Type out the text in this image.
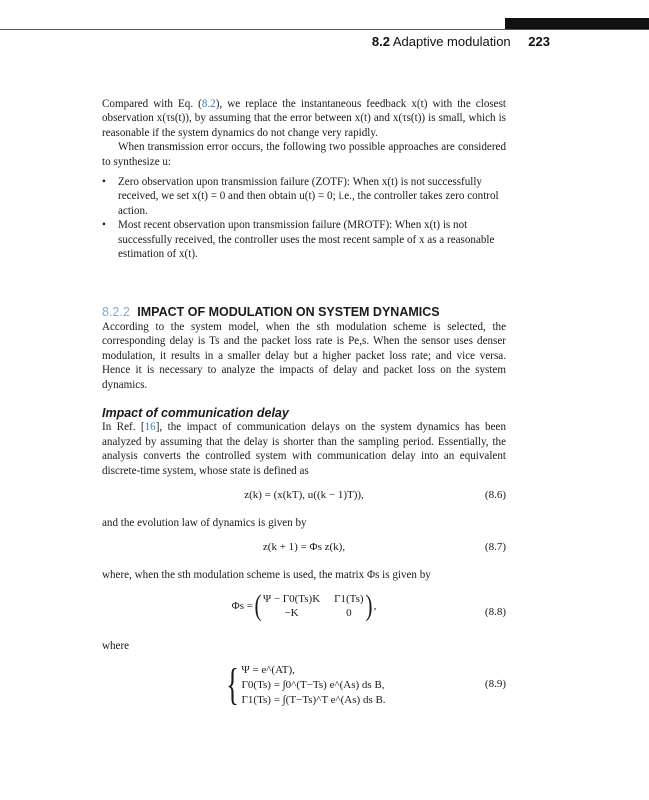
8.2 Adaptive modulation 223

Compared with Eq. (8.2), we replace the instantaneous feedback x(t) with the closest observation x(τs(t)), by assuming that the error between x(t) and x(τs(t)) is small, which is reasonable if the system dynamics do not change very rapidly.

When transmission error occurs, the following two possible approaches are considered to synthesize u:

• Zero observation upon transmission failure (ZOTF): When x(t) is not successfully received, we set x(t) = 0 and then obtain u(t) = 0; i.e., the controller takes zero control action.
• Most recent observation upon transmission failure (MROTF): When x(t) is not successfully received, the controller uses the most recent sample of x as a reasonable estimation of x(t).
8.2.2 IMPACT OF MODULATION ON SYSTEM DYNAMICS

According to the system model, when the sth modulation scheme is selected, the corresponding delay is Ts and the packet loss rate is Pe,s. When the sensor uses denser modulation, it results in a smaller delay but a higher packet loss rate; and vice versa. Hence it is necessary to analyze the impacts of delay and packet loss on the system dynamics.

Impact of communication delay

In Ref. [16], the impact of communication delays on the system dynamics has been analyzed by assuming that the delay is shorter than the sampling period. Essentially, the analysis converts the controlled system with communication delay into an equivalent discrete-time system, whose state is defined as

z(k) = (x(kT), u((k − 1)T)),	(8.6)

and the evolution law of dynamics is given by

z(k + 1) = Φs z(k),	(8.7)

where, when the sth modulation scheme is used, the matrix Φs is given by

Φs = ( Ψ − Γ0(Ts)K Γ1(Ts)
−K	0 ) ,
(8.8)

where

{ Ψ = e^(AT),
Γ0(Ts) = ∫0^(T−Ts) e^(As) ds B,
Γ1(Ts) = ∫(T−Ts)^T e^(As) ds B.
(8.9)
